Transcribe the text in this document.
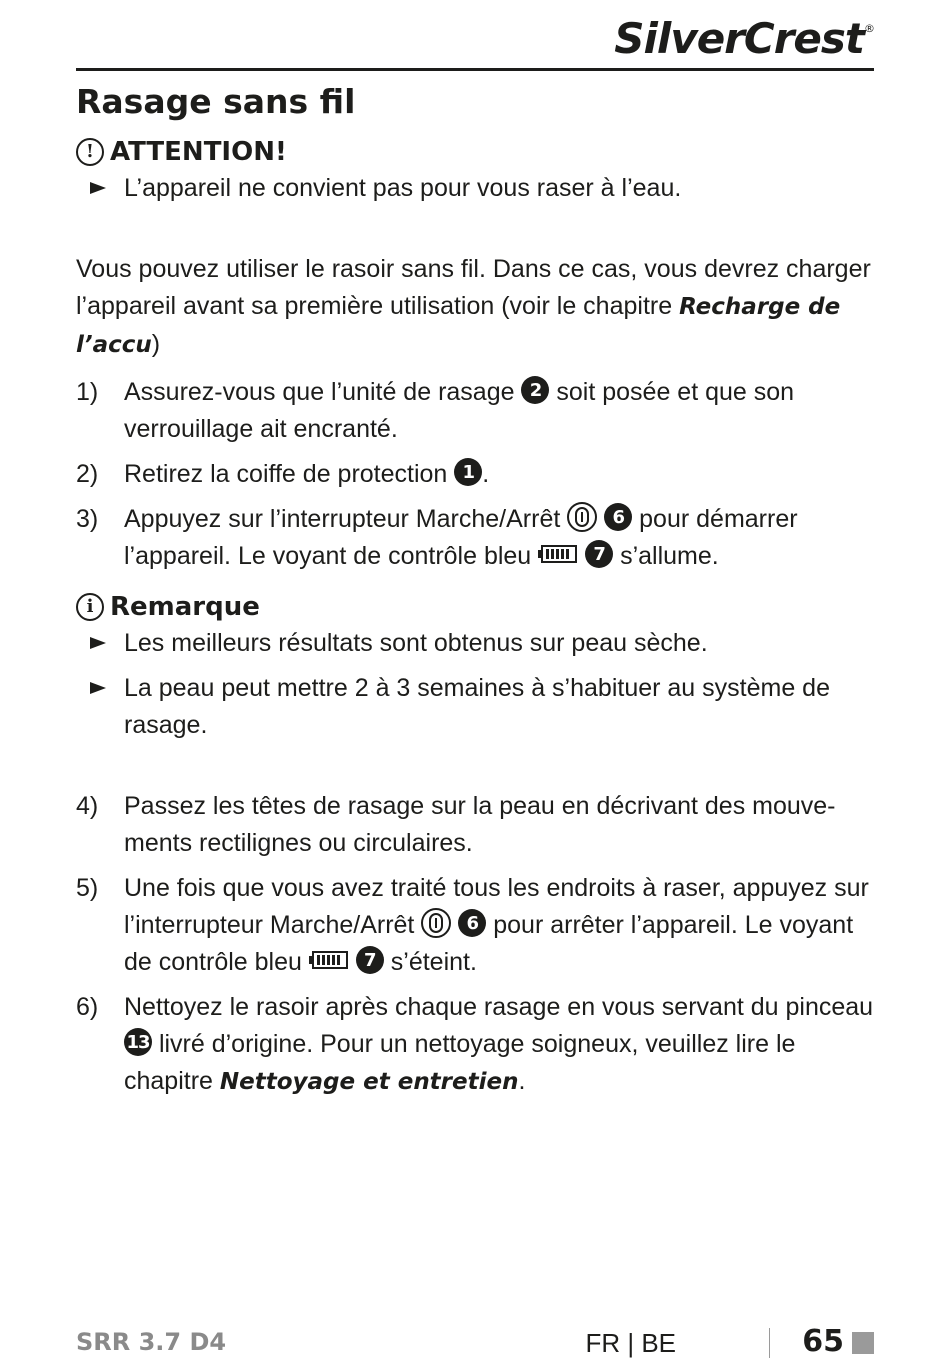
SilverCrest®
Rasage sans fil
! ATTENTION!
L’appareil ne convient pas pour vous raser à l’eau.

Vous pouvez utiliser le rasoir sans fil. Dans ce cas, vous devrez charger l’appareil avant sa première utilisation (voir le chapitre Recharge de l’accu)

1)	Assurez-vous que l’unité de rasage 2 soit posée et que son verrouillage ait encranté.
2)	Retirez la coiffe de protection 1 .
3)	Appuyez sur l’interrupteur Marche/Arrêt	6 pour démarrer l’appareil. Le voyant de contrôle bleu	7 s’allume.
i Remarque
Les meilleurs résultats sont obtenus sur peau sèche.
La peau peut mettre 2 à 3 semaines à s’habituer au système de rasage.
4)	Passez les têtes de rasage sur la peau en décrivant des mouve-ments rectilignes ou circulaires.
5)	Une fois que vous avez traité tous les endroits à raser, appuyez sur l’interrupteur Marche/Arrêt	6 pour arrêter l’appareil. Le voyant de contrôle bleu	7 s’éteint.
6)	Nettoyez le rasoir après chaque rasage en vous servant du pinceau 13 livré d’origine. Pour un nettoyage soigneux, veuillez lire le chapitre Nettoyage et entretien.
SRR 3.7 D4	FR | BE	65
